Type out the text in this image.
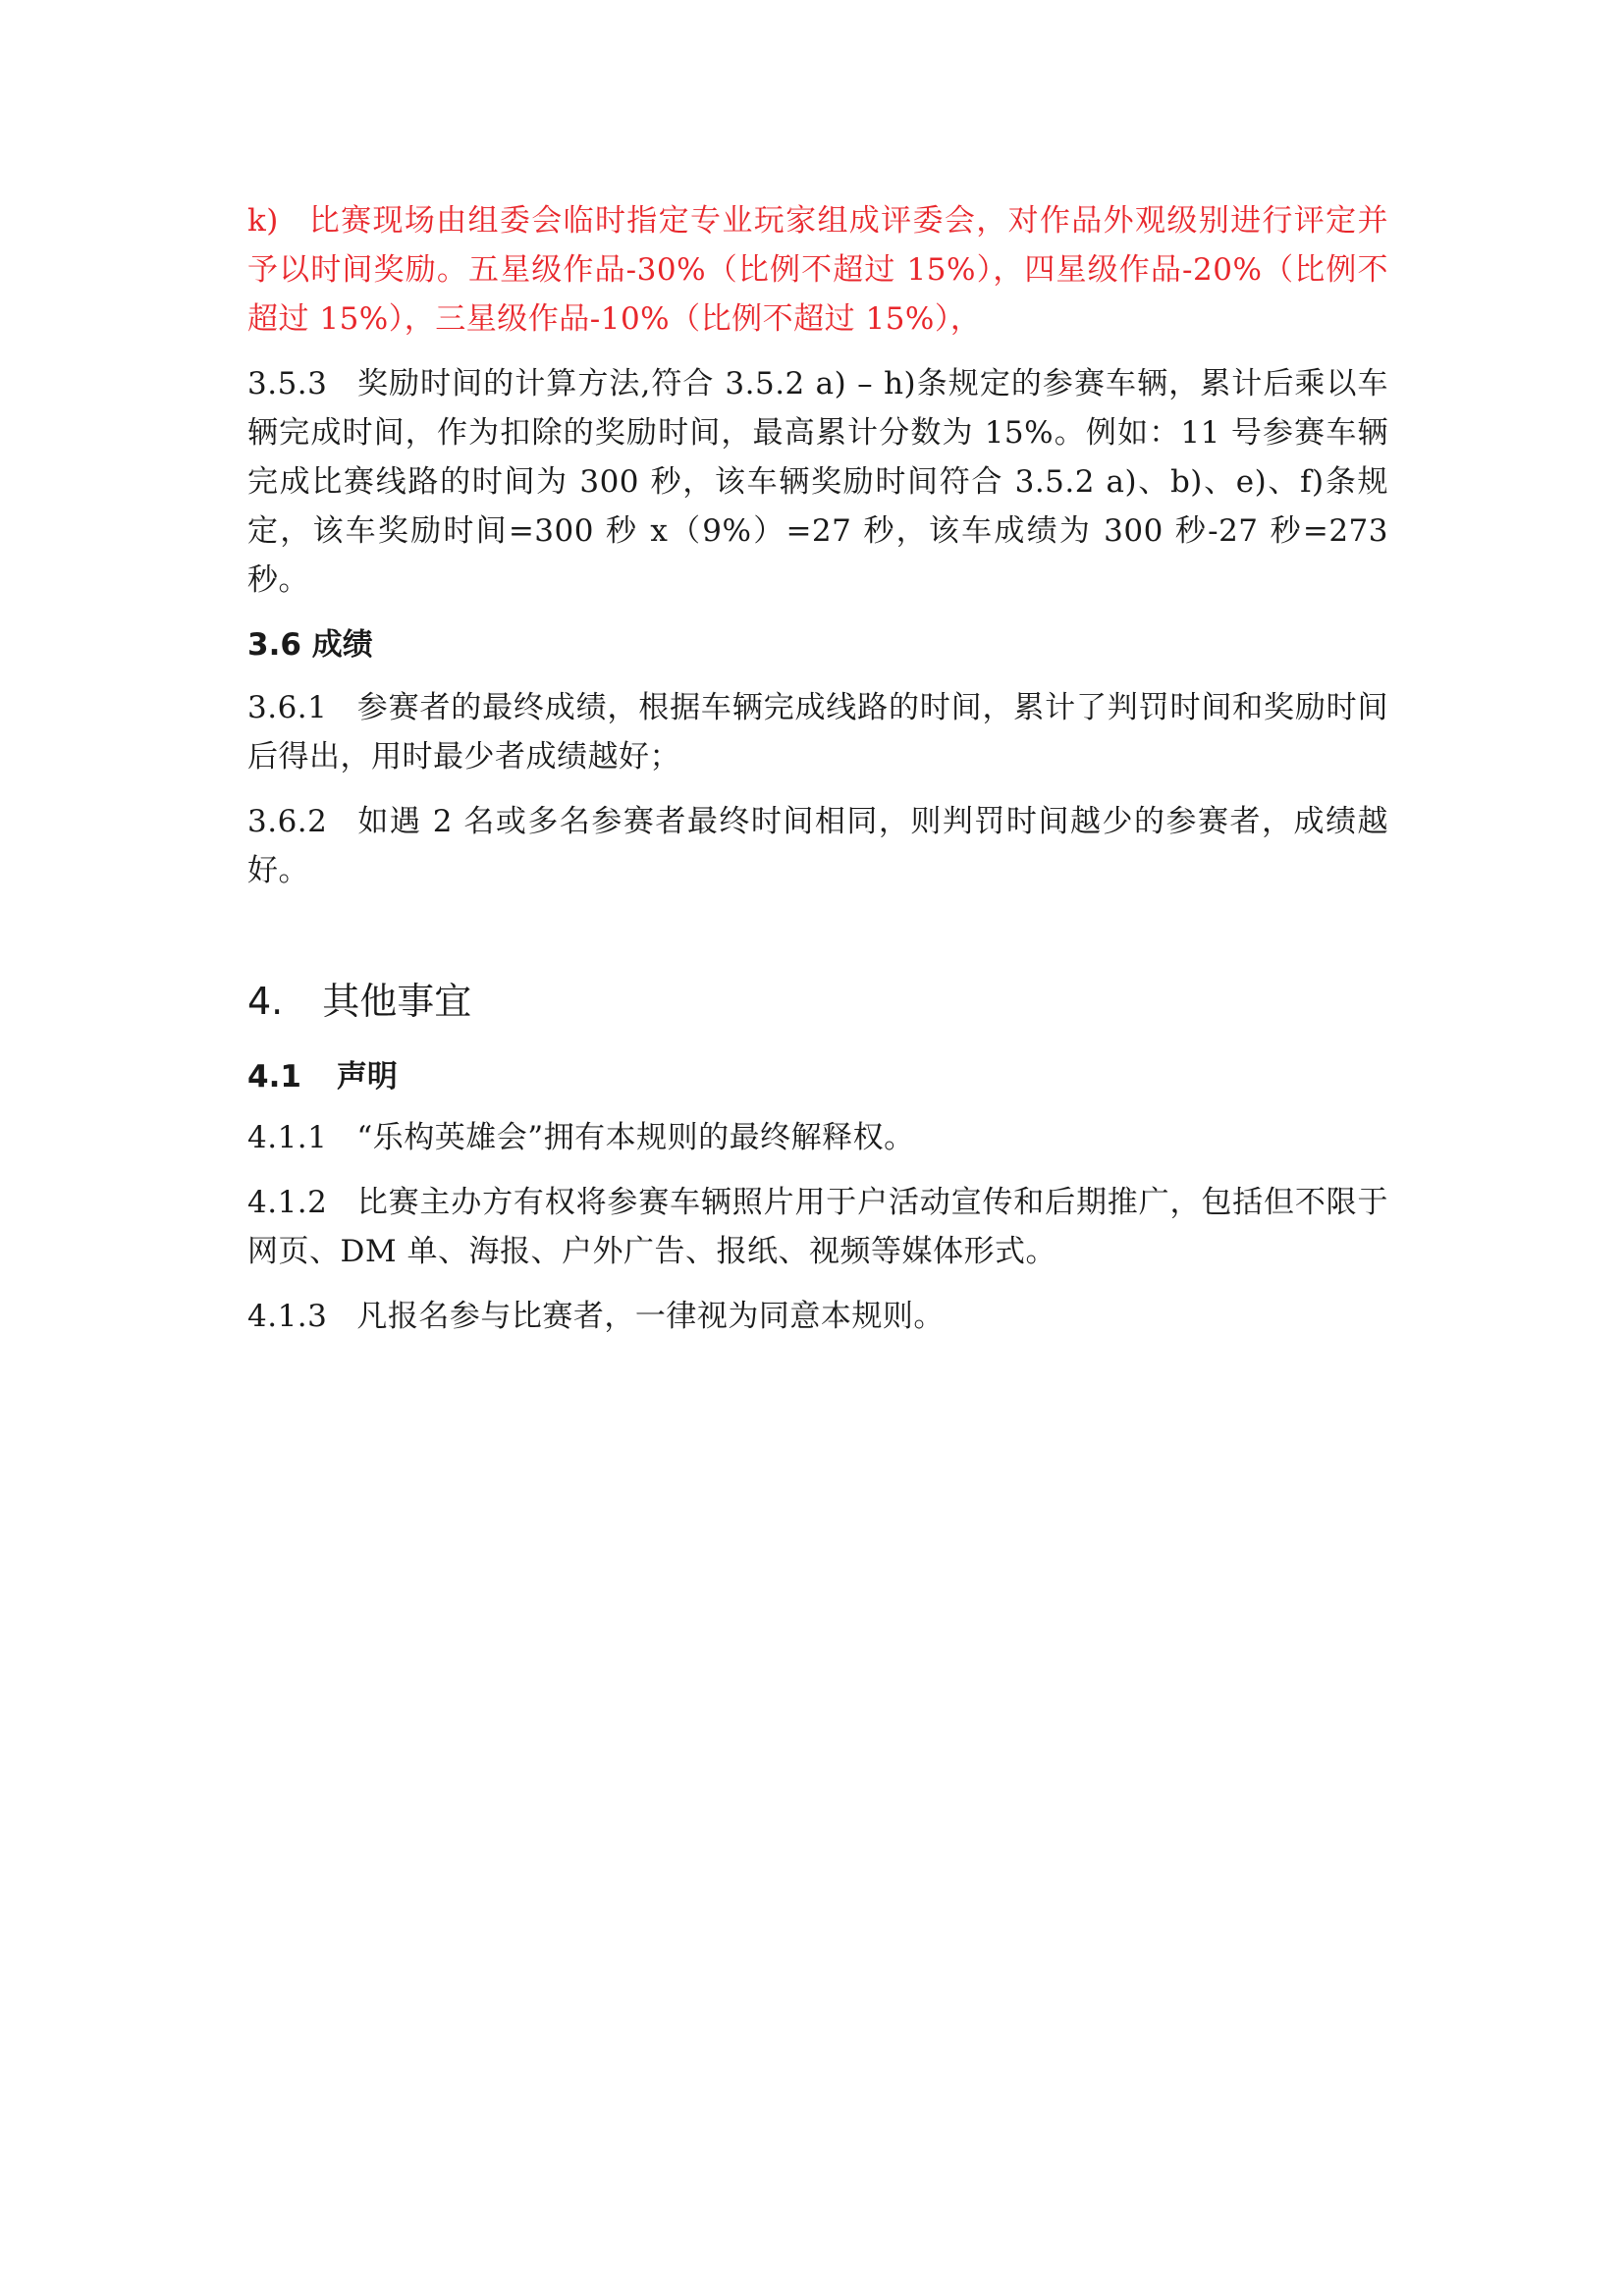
k) 比赛现场由组委会临时指定专业玩家组成评委会，对作品外观级别进行评定并予以时间奖励。五星级作品-30%（比例不超过 15%），四星级作品-20%（比例不超过 15%），三星级作品-10%（比例不超过 15%），

3.5.3 奖励时间的计算方法,符合 3.5.2 a) – h)条规定的参赛车辆，累计后乘以车辆完成时间，作为扣除的奖励时间，最高累计分数为 15%。例如：11 号参赛车辆完成比赛线路的时间为 300 秒，该车辆奖励时间符合 3.5.2 a)、b)、e)、f)条规定，该车奖励时间=300 秒 x（9%）=27 秒，该车成绩为 300 秒-27 秒=273 秒。

3.6 成绩

3.6.1 参赛者的最终成绩，根据车辆完成线路的时间，累计了判罚时间和奖励时间后得出，用时最少者成绩越好；

3.6.2 如遇 2 名或多名参赛者最终时间相同，则判罚时间越少的参赛者，成绩越好。

4. 其他事宜
4.1 声明

4.1.1 “乐构英雄会”拥有本规则的最终解释权。

4.1.2 比赛主办方有权将参赛车辆照片用于户活动宣传和后期推广，包括但不限于网页、DM 单、海报、户外广告、报纸、视频等媒体形式。

4.1.3 凡报名参与比赛者，一律视为同意本规则。
